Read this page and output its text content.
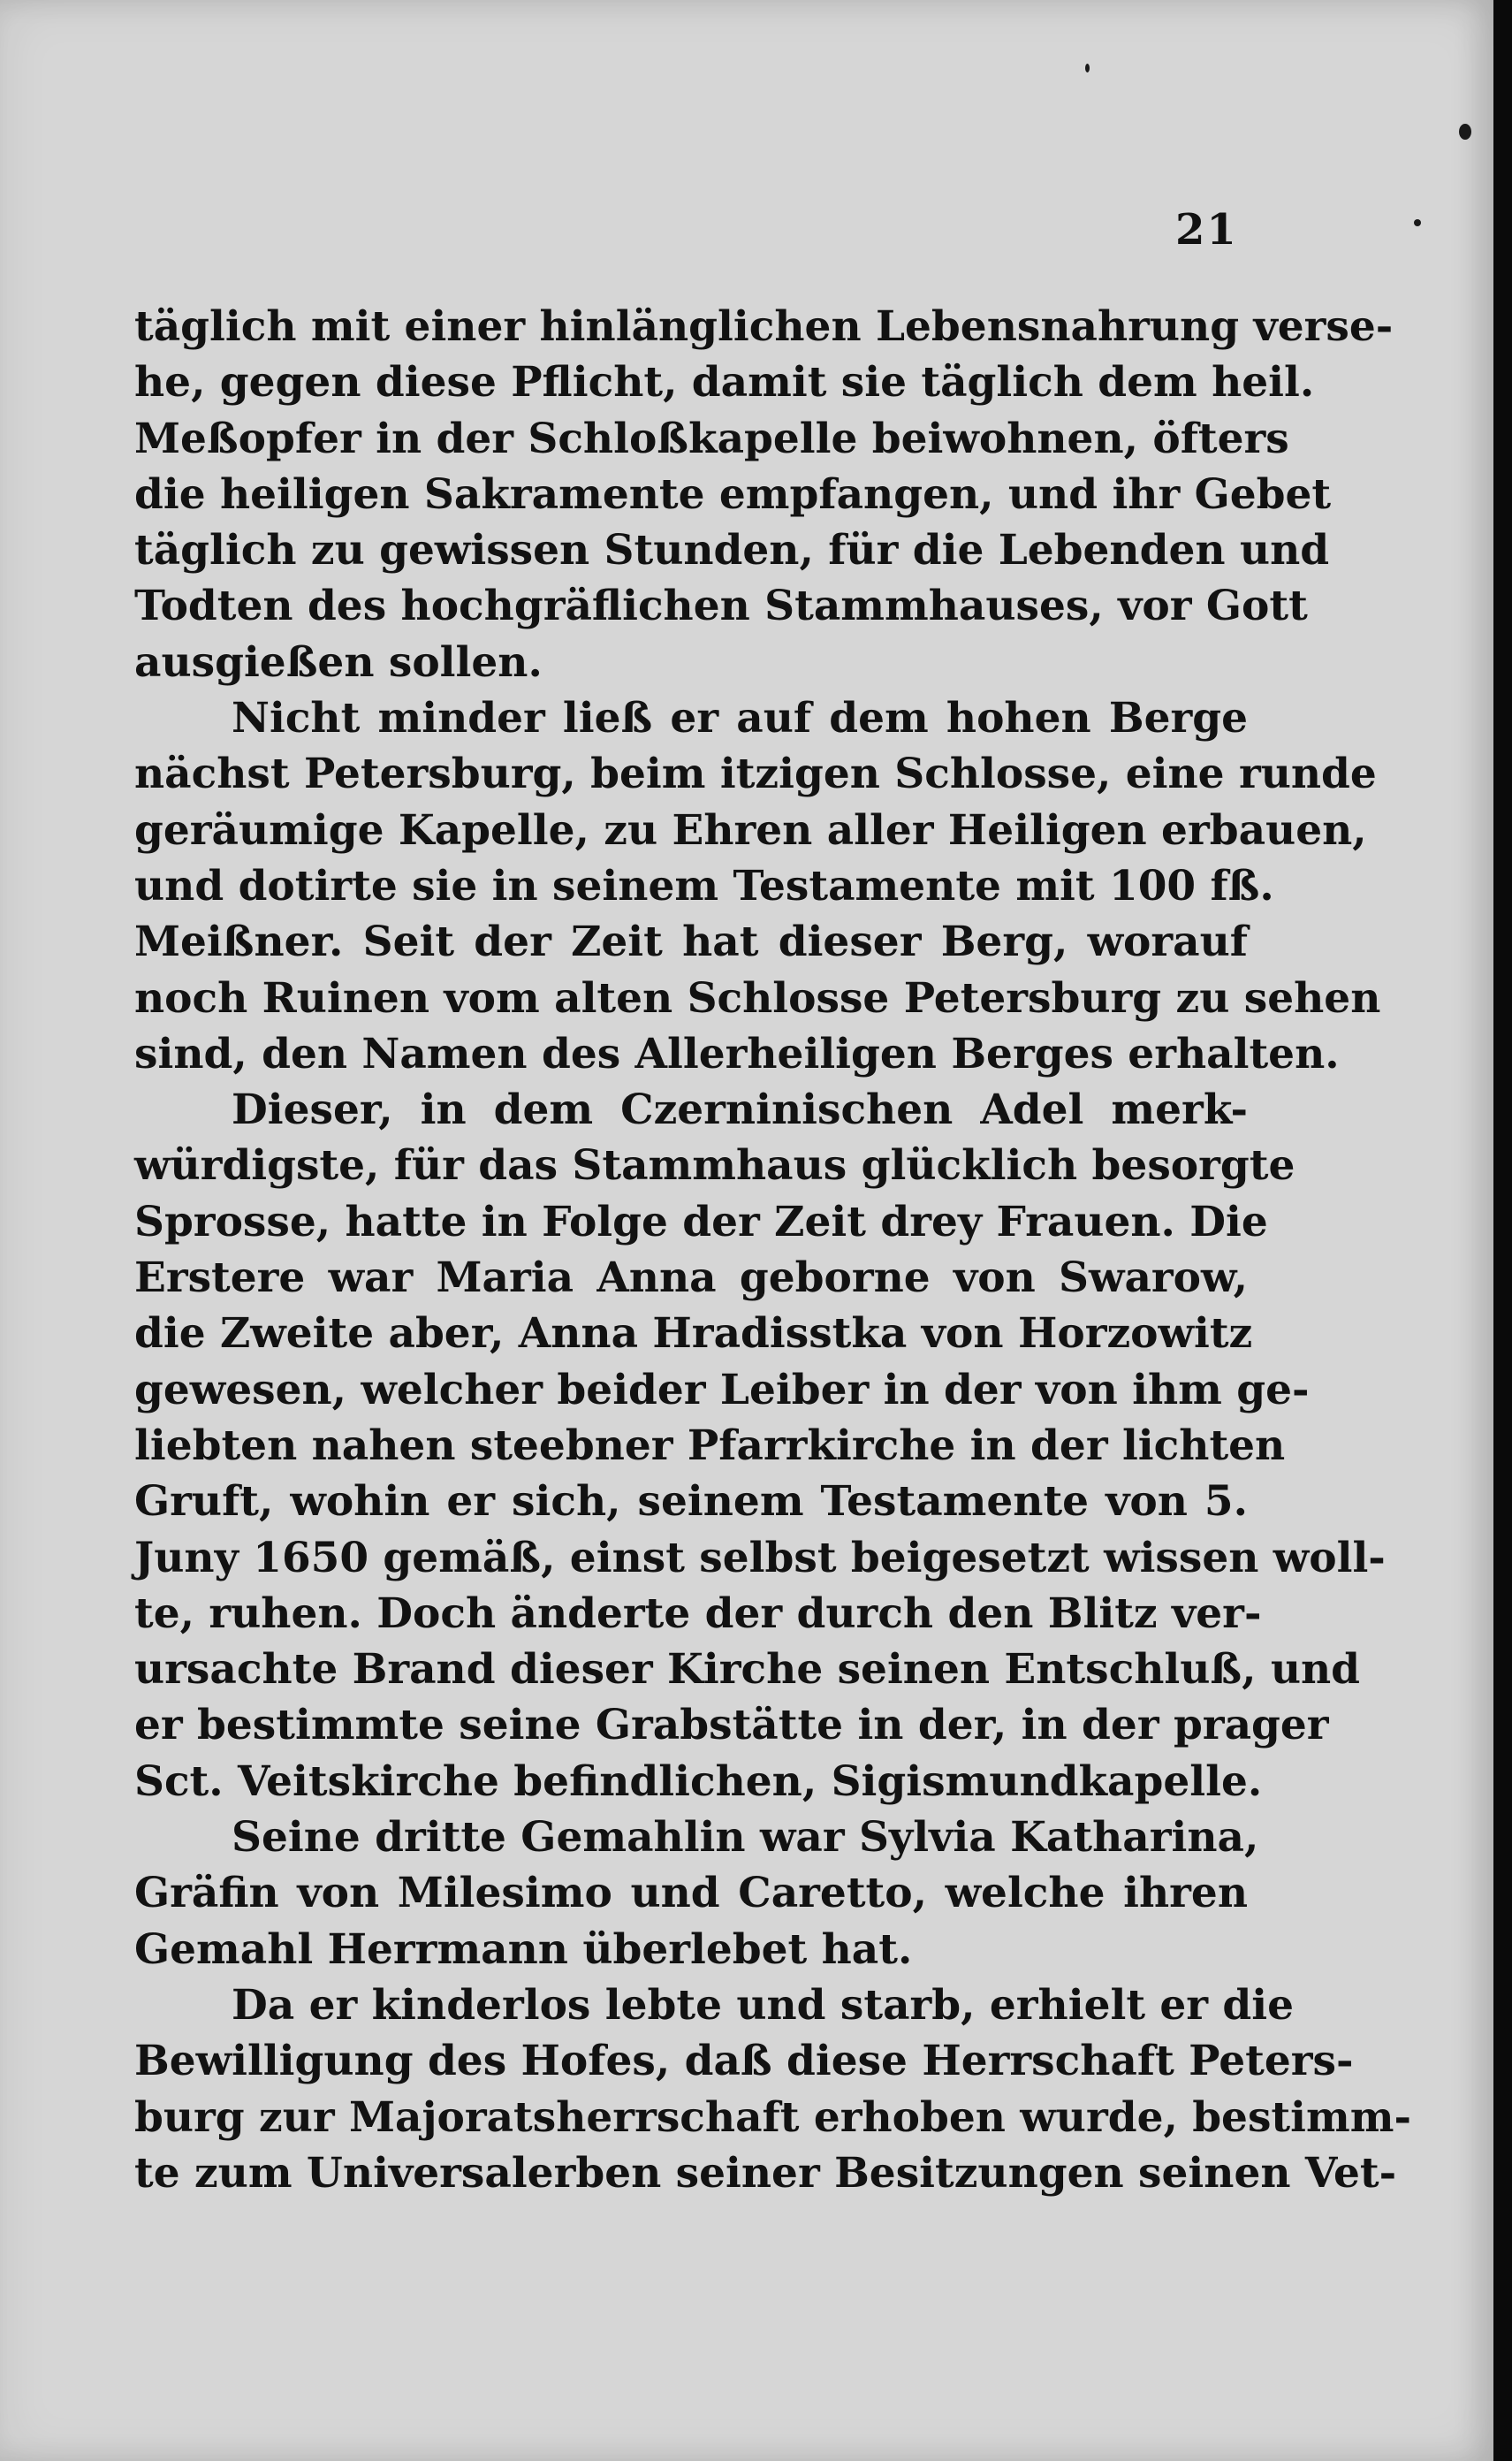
21
täglich mit einer hinlänglichen Lebensnahrung verse-
he, gegen diese Pflicht, damit sie täglich dem heil.
Meßopfer in der Schloßkapelle beiwohnen, öfters
die heiligen Sakramente empfangen, und ihr Gebet
täglich zu gewissen Stunden, für die Lebenden und
Todten des hochgräflichen Stammhauses, vor Gott
ausgießen sollen.
Nicht minder ließ er auf dem hohen Berge
nächst Petersburg, beim itzigen Schlosse, eine runde
geräumige Kapelle, zu Ehren aller Heiligen erbauen,
und dotirte sie in seinem Testamente mit 100 fß.
Meißner. Seit der Zeit hat dieser Berg, worauf
noch Ruinen vom alten Schlosse Petersburg zu sehen
sind, den Namen des Allerheiligen Berges erhalten.
Dieser, in dem Czerninischen Adel merk-
würdigste, für das Stammhaus glücklich besorgte
Sprosse, hatte in Folge der Zeit drey Frauen. Die
Erstere war Maria Anna geborne von Swarow,
die Zweite aber, Anna Hradisstka von Horzowitz
gewesen, welcher beider Leiber in der von ihm ge-
liebten nahen steebner Pfarrkirche in der lichten
Gruft, wohin er sich, seinem Testamente von 5.
Juny 1650 gemäß, einst selbst beigesetzt wissen woll-
te, ruhen. Doch änderte der durch den Blitz ver-
ursachte Brand dieser Kirche seinen Entschluß, und
er bestimmte seine Grabstätte in der, in der prager
Sct. Veitskirche befindlichen, Sigismundkapelle.
Seine dritte Gemahlin war Sylvia Katharina,
Gräfin von Milesimo und Caretto, welche ihren
Gemahl Herrmann überlebet hat.
Da er kinderlos lebte und starb, erhielt er die
Bewilligung des Hofes, daß diese Herrschaft Peters-
burg zur Majoratsherrschaft erhoben wurde, bestimm-
te zum Universalerben seiner Besitzungen seinen Vet-
